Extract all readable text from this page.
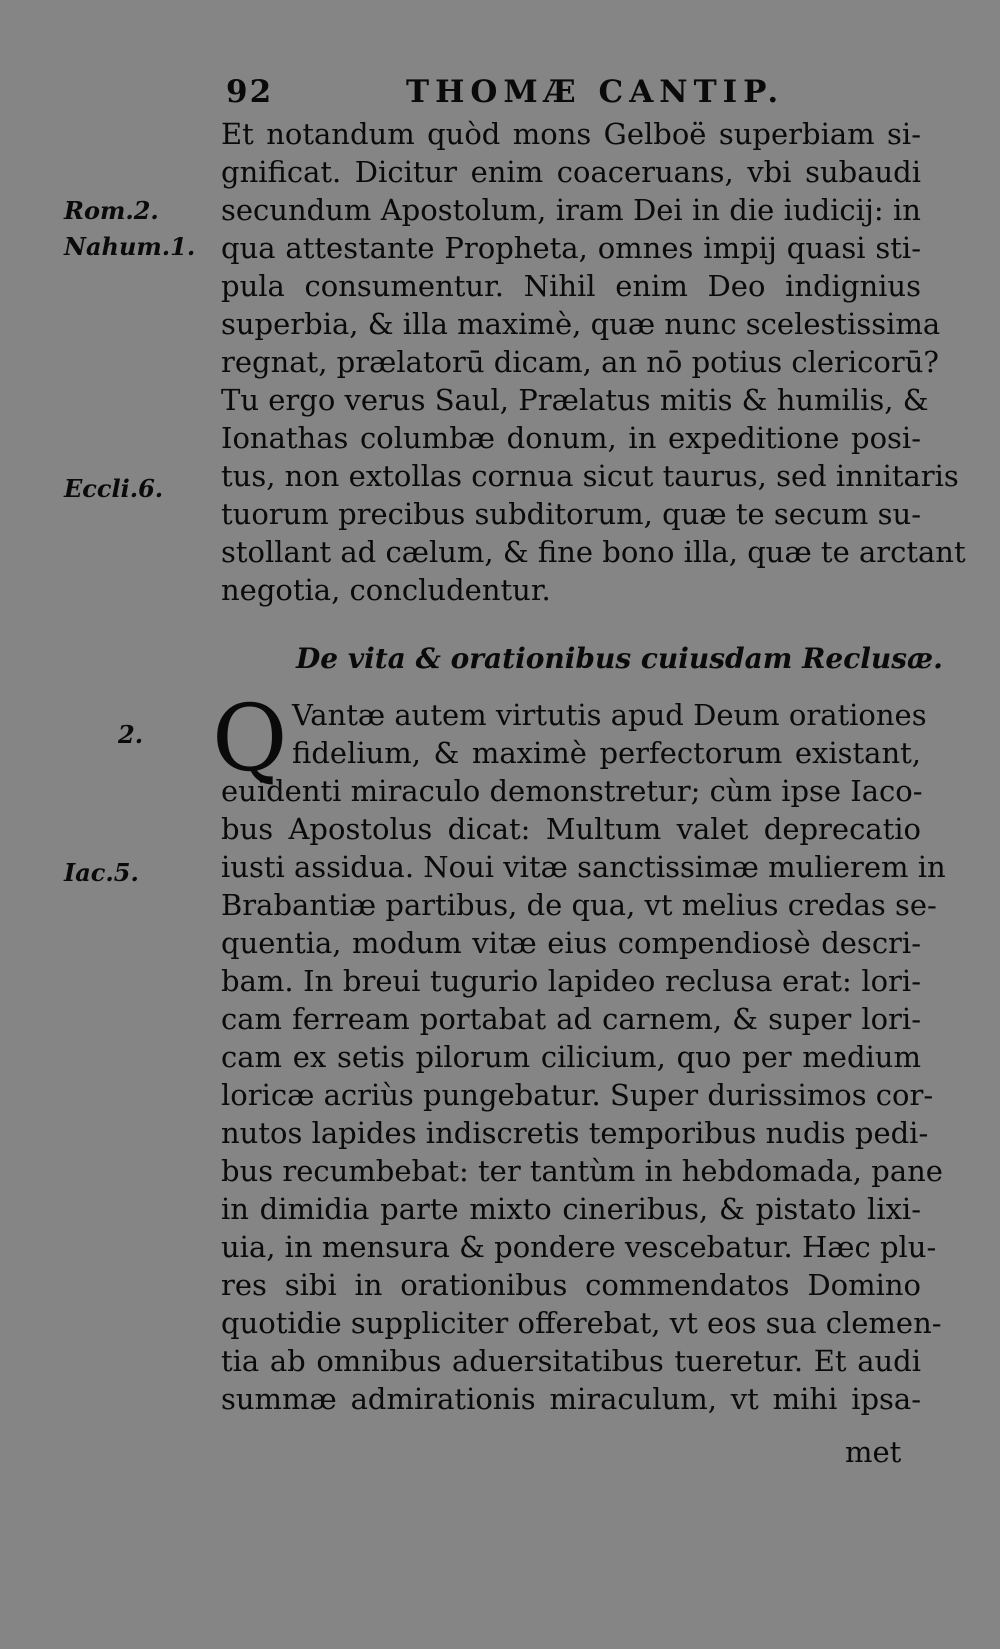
92	THOMÆ CANTIP.
Et notandum quòd mons Gelboë superbiam si-
gnificat. Dicitur enim coaceruans, vbi subaudi
secundum Apostolum, iram Dei in die iudicij: in
qua attestante Propheta, omnes impij quasi sti-
pula consumentur. Nihil enim Deo indignius
superbia, & illa maximè, quæ nunc scelestissima
regnat, prælatorū dicam, an nō potius clericorū?
Tu ergo verus Saul, Prælatus mitis & humilis, &
Ionathas columbæ donum, in expeditione posi-
tus, non extollas cornua sicut taurus, sed innitaris
tuorum precibus subditorum, quæ te secum su-
stollant ad cælum, & fine bono illa, quæ te arctant
negotia, concludentur.
Rom.2.
Nahum.1.
Eccli.6.
2.
Iac.5.
De vita & orationibus cuiusdam Reclusæ.
Q Vantæ autem virtutis apud Deum orationes
fidelium, & maximè perfectorum existant,
euidenti miraculo demonstretur; cùm ipse Iaco-
bus Apostolus dicat: Multum valet deprecatio
iusti assidua. Noui vitæ sanctissimæ mulierem in
Brabantiæ partibus, de qua, vt melius credas se-
quentia, modum vitæ eius compendiosè descri-
bam. In breui tugurio lapideo reclusa erat: lori-
cam ferream portabat ad carnem, & super lori-
cam ex setis pilorum cilicium, quo per medium
loricæ acriùs pungebatur. Super durissimos cor-
nutos lapides indiscretis temporibus nudis pedi-
bus recumbebat: ter tantùm in hebdomada, pane
in dimidia parte mixto cineribus, & pistato lixi-
uia, in mensura & pondere vescebatur. Hæc plu-
res sibi in orationibus commendatos Domino
quotidie suppliciter offerebat, vt eos sua clemen-
tia ab omnibus aduersitatibus tueretur. Et audi
summæ admirationis miraculum, vt mihi ipsa-
met
